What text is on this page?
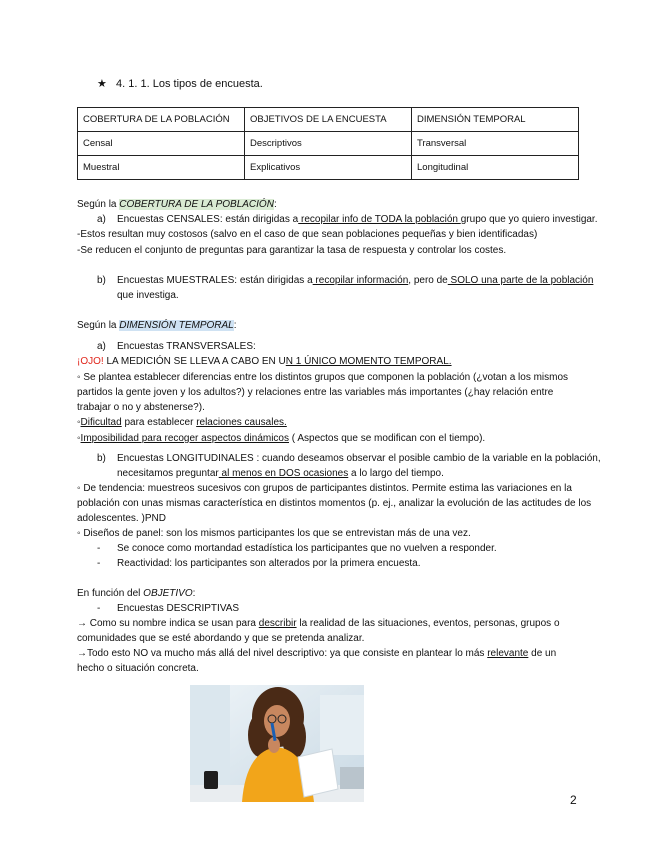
★ 4. 1. 1. Los tipos de encuesta.
COBERTURA DE LA POBLACIÓN	OBJETIVOS DE LA ENCUESTA	DIMENSIÓN TEMPORAL
Censal	Descriptivos	Transversal
Muestral	Explicativos	Longitudinal
Según la COBERTURA DE LA POBLACIÓN:
a) Encuestas CENSALES: están dirigidas a recopilar info de TODA la población grupo que yo quiero investigar.
-Estos resultan muy costosos (salvo en el caso de que sean poblaciones pequeñas y bien identificadas)
-Se reducen el conjunto de preguntas para garantizar la tasa de respuesta y controlar los costes.
b) Encuestas MUESTRALES: están dirigidas a recopilar información, pero de SOLO una parte de la población
que investiga.
Según la DIMENSIÓN TEMPORAL:
a) Encuestas TRANSVERSALES:
¡OJO! LA MEDICIÓN SE LLEVA A CABO EN UN 1 ÚNICO MOMENTO TEMPORAL.
◦ Se plantea establecer diferencias entre los distintos grupos que componen la población (¿votan a los mismos
partidos la gente joven y los adultos?) y relaciones entre las variables más importantes (¿hay relación entre
trabajar o no y abstenerse?).
◦Dificultad para establecer relaciones causales.
◦Imposibilidad para recoger aspectos dinámicos ( Aspectos que se modifican con el tiempo).
b) Encuestas LONGITUDINALES : cuando deseamos observar el posible cambio de la variable en la población,
necesitamos preguntar al menos en DOS ocasiones a lo largo del tiempo.
◦ De tendencia: muestreos sucesivos con grupos de participantes distintos. Permite estima las variaciones en la
población con unas mismas característica en distintos momentos (p. ej., analizar la evolución de las actitudes de los
adolescentes. )PND
◦ Diseños de panel: son los mismos participantes los que se entrevistan más de una vez.
- Se conoce como mortandad estadística los participantes que no vuelven a responder.
- Reactividad: los participantes son alterados por la primera encuesta.
En función del OBJETIVO:
- Encuestas DESCRIPTIVAS
→ Como su nombre indica se usan para describir la realidad de las situaciones, eventos, personas, grupos o
comunidades que se esté abordando y que se pretenda analizar.
→Todo esto NO va mucho más allá del nivel descriptivo: ya que consiste en plantear lo más relevante de un
hecho o situación concreta.
2
